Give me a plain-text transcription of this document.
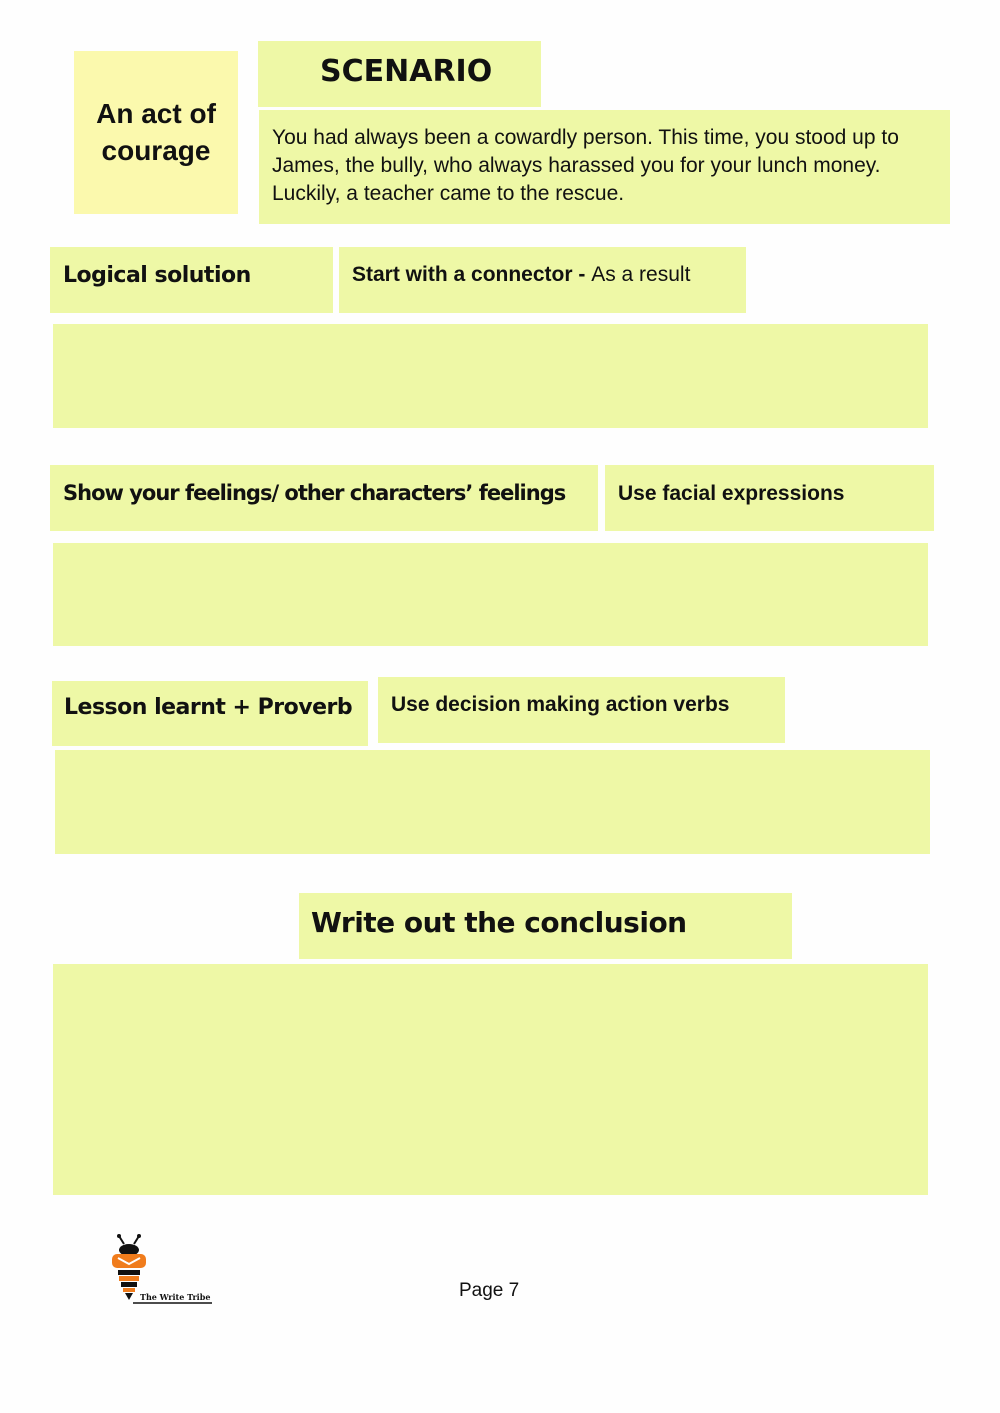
An act of courage
SCENARIO
You had always been a cowardly person. This time, you stood up to James, the bully, who always harassed you for your lunch money. Luckily, a teacher came to the rescue.
Logical solution	Start with a connector - As a result
Show your feelings/ other characters’ feelings	Use facial expressions
Lesson learnt + Proverb Use decision making action verbs
Write out the conclusion
The Write Tribe	Page 7
